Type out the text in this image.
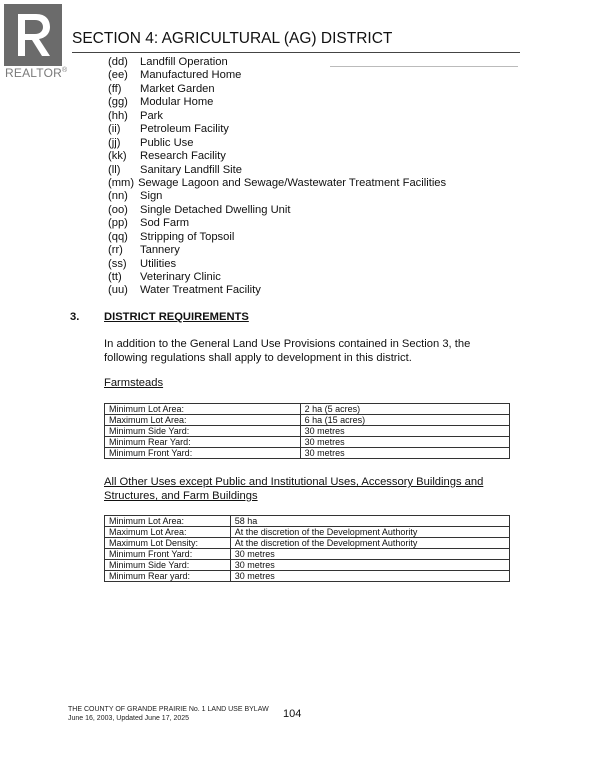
REALTOR®
SECTION 4: AGRICULTURAL (AG) DISTRICT
(dd) Landfill Operation
(ee) Manufactured Home
(ff) Market Garden
(gg) Modular Home
(hh) Park
(ii) Petroleum Facility
(jj) Public Use
(kk) Research Facility
(ll) Sanitary Landfill Site
(mm) Sewage Lagoon and Sewage/Wastewater Treatment Facilities
(nn) Sign
(oo) Single Detached Dwelling Unit
(pp) Sod Farm
(qq) Stripping of Topsoil
(rr) Tannery
(ss) Utilities
(tt) Veterinary Clinic
(uu) Water Treatment Facility
3. DISTRICT REQUIREMENTS

In addition to the General Land Use Provisions contained in Section 3, the following regulations shall apply to development in this district.

Farmsteads

Minimum Lot Area:	2 ha (5 acres)
Maximum Lot Area:	6 ha (15 acres)
Minimum Side Yard:	30 metres
Minimum Rear Yard:	30 metres
Minimum Front Yard:	30 metres

All Other Uses except Public and Institutional Uses, Accessory Buildings and Structures, and Farm Buildings

Minimum Lot Area:	58 ha
Maximum Lot Area:	At the discretion of the Development Authority
Maximum Lot Density:	At the discretion of the Development Authority
Minimum Front Yard:	30 metres
Minimum Side Yard:	30 metres
Minimum Rear yard:	30 metres
THE COUNTY OF GRANDE PRAIRIE No. 1 LAND USE BYLAW
June 16, 2003, Updated June 17, 2025	104
